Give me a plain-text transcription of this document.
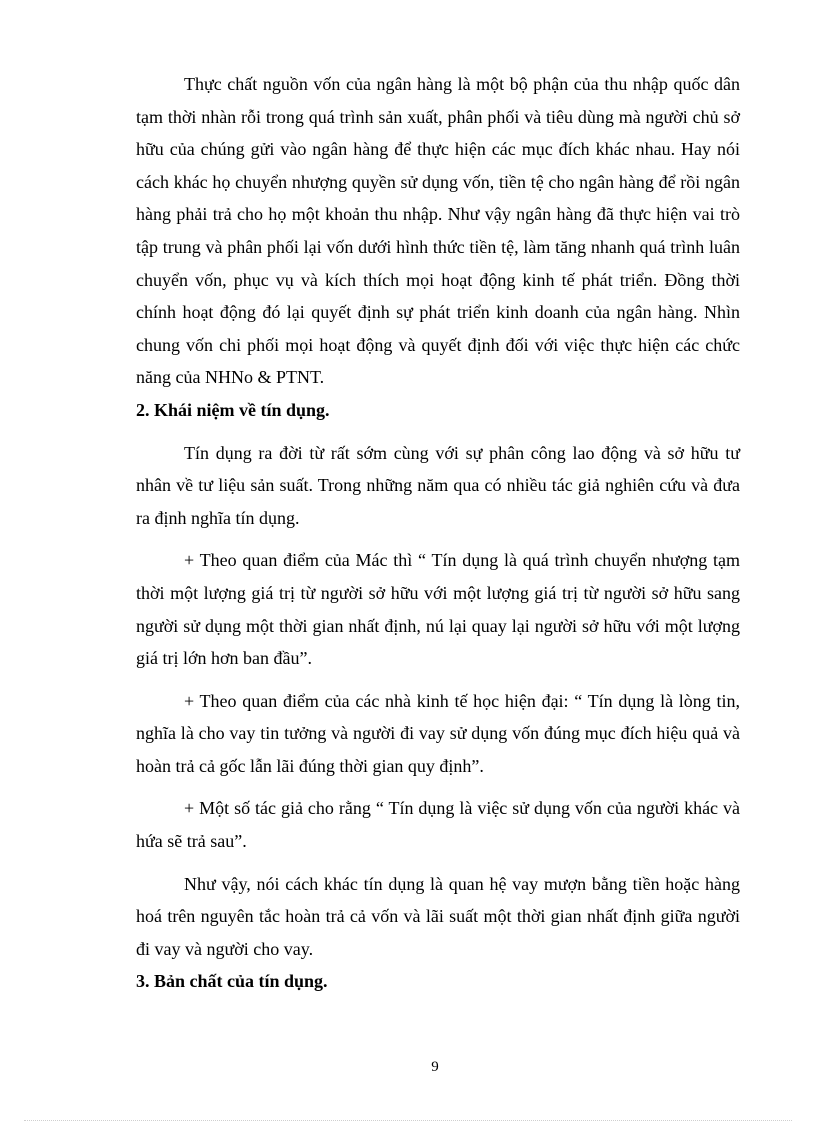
Thực chất nguồn vốn của ngân hàng là một bộ phận của thu nhập quốc dân tạm thời nhàn rỗi trong quá trình sản xuất, phân phối và tiêu dùng mà người chủ sở hữu của chúng gửi vào ngân hàng để thực hiện các mục đích khác nhau. Hay nói cách khác họ chuyển nhượng quyền sử dụng vốn, tiền tệ cho ngân hàng để rồi ngân hàng phải trả cho họ một khoản thu nhập. Như vậy ngân hàng đã thực hiện vai trò tập trung và phân phối lại vốn dưới hình thức tiền tệ, làm tăng nhanh quá trình luân chuyển vốn, phục vụ và kích thích mọi hoạt động kinh tế phát triển. Đồng thời chính hoạt động đó lại quyết định sự phát triển kinh doanh của ngân hàng. Nhìn chung vốn chi phối mọi hoạt động và quyết định đối với việc thực hiện các chức năng của NHNo & PTNT.

2. Khái niệm về tín dụng.

Tín dụng ra đời từ rất sớm cùng với sự phân công lao động và sở hữu tư nhân về tư liệu sản suất. Trong những năm qua có nhiều tác giả nghiên cứu và đưa ra định nghĩa tín dụng.

+ Theo quan điểm của Mác thì “ Tín dụng là quá trình chuyển nhượng tạm thời một lượng giá trị từ người sở hữu với một lượng giá trị từ người sở hữu sang người sử dụng một thời gian nhất định, nú lại quay lại người sở hữu với một lượng giá trị lớn hơn ban đầu”.

+ Theo quan điểm của các nhà kinh tế học hiện đại: “ Tín dụng là lòng tin, nghĩa là cho vay tin tưởng và người đi vay sử dụng vốn đúng mục đích hiệu quả và hoàn trả cả gốc lẫn lãi đúng thời gian quy định”.

+ Một số tác giả cho rằng “ Tín dụng là việc sử dụng vốn của người khác và hứa sẽ trả sau”.

Như vậy, nói cách khác tín dụng là quan hệ vay mượn bằng tiền hoặc hàng hoá trên nguyên tắc hoàn trả cả vốn và lãi suất một thời gian nhất định giữa người đi vay và người cho vay.

3. Bản chất của tín dụng.
9
